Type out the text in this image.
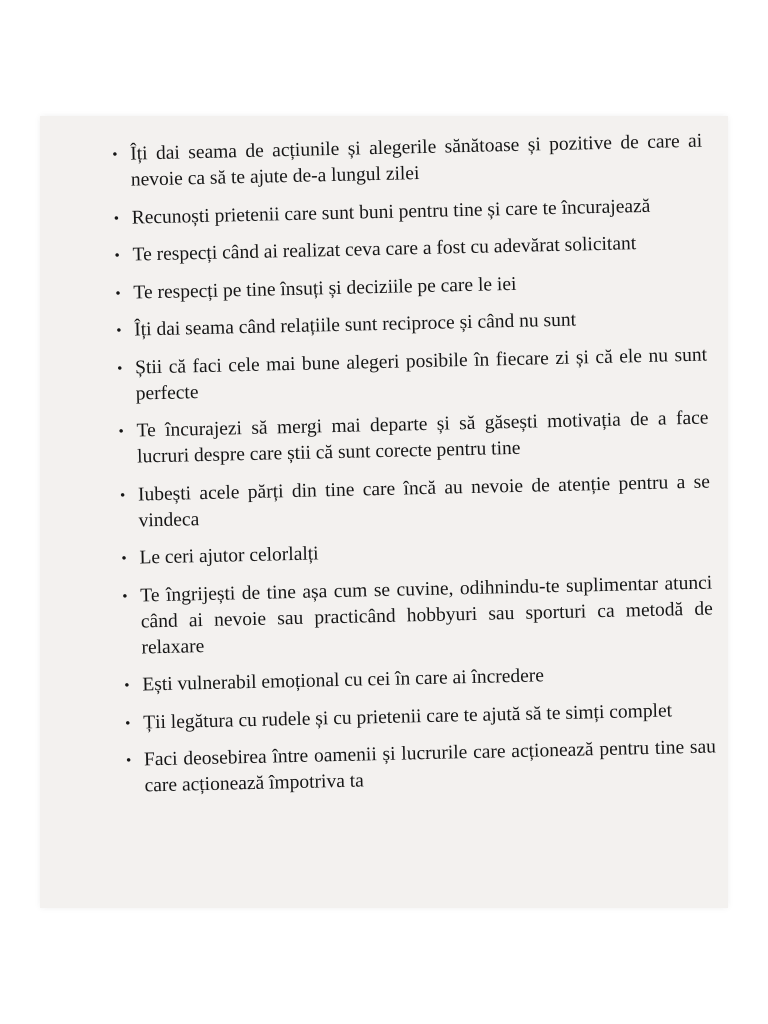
• Îți dai seama de acțiunile și alegerile sănătoase și pozitive de care ai nevoie ca să te ajute de-a lungul zilei
• Recunoști prietenii care sunt buni pentru tine și care te încurajează
• Te respecți când ai realizat ceva care a fost cu adevărat solicitant
• Te respecți pe tine însuți și deciziile pe care le iei
• Îți dai seama când relațiile sunt reciproce și când nu sunt
• Știi că faci cele mai bune alegeri posibile în fiecare zi și că ele nu sunt perfecte
• Te încurajezi să mergi mai departe și să găsești motivația de a face lucruri despre care știi că sunt corecte pentru tine
• Iubești acele părți din tine care încă au nevoie de atenție pentru a se vindeca
• Le ceri ajutor celorlalți
• Te îngrijești de tine așa cum se cuvine, odihnindu-te suplimentar atunci când ai nevoie sau practicând hobbyuri sau sporturi ca metodă de relaxare
• Ești vulnerabil emoțional cu cei în care ai încredere
• Ții legătura cu rudele și cu prietenii care te ajută să te simți complet
• Faci deosebirea între oamenii și lucrurile care acționează pentru tine sau care acționează împotriva ta
